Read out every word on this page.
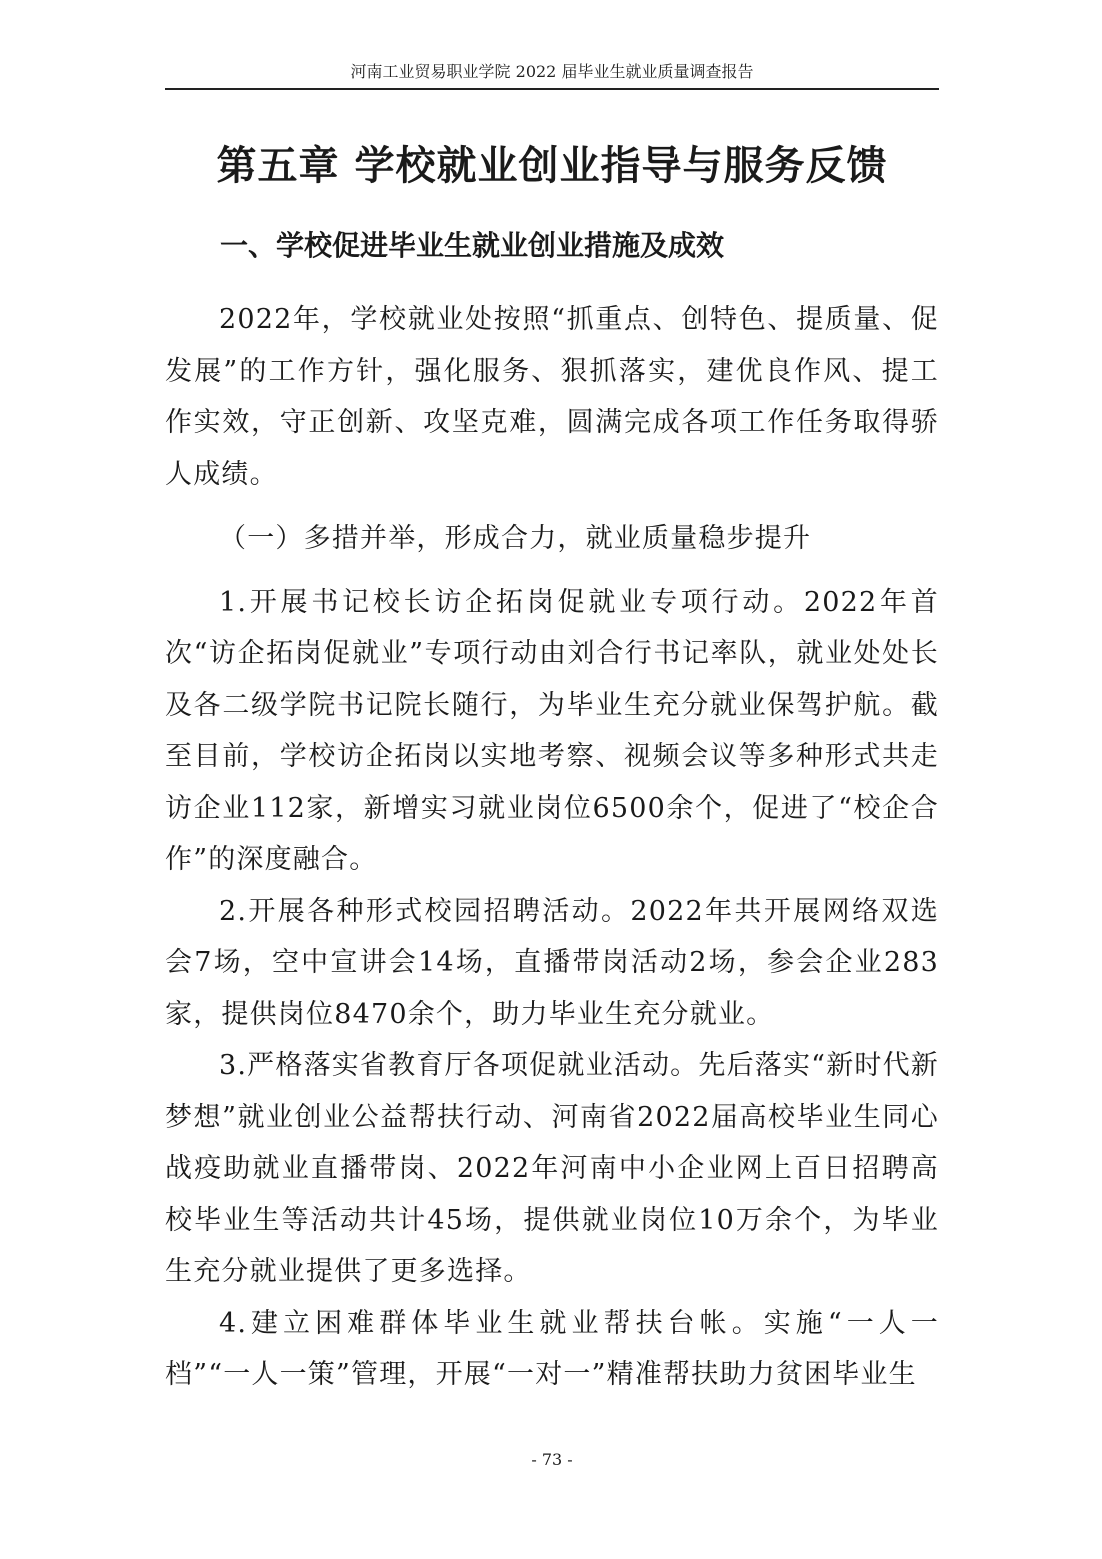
河南工业贸易职业学院 2022 届毕业生就业质量调查报告
第五章 学校就业创业指导与服务反馈
一、学校促进毕业生就业创业措施及成效

2022年，学校就业处按照“抓重点、创特色、提质量、促发展”的工作方针，强化服务、狠抓落实，建优良作风、提工作实效，守正创新、攻坚克难，圆满完成各项工作任务取得骄人成绩。

（一）多措并举，形成合力，就业质量稳步提升

1.开展书记校长访企拓岗促就业专项行动。2022年首次“访企拓岗促就业”专项行动由刘合行书记率队，就业处处长及各二级学院书记院长随行，为毕业生充分就业保驾护航。截至目前，学校访企拓岗以实地考察、视频会议等多种形式共走访企业112家，新增实习就业岗位6500余个，促进了“校企合作”的深度融合。

2.开展各种形式校园招聘活动。2022年共开展网络双选会7场，空中宣讲会14场，直播带岗活动2场，参会企业283家，提供岗位8470余个，助力毕业生充分就业。

3.严格落实省教育厅各项促就业活动。先后落实“新时代新梦想”就业创业公益帮扶行动、河南省2022届高校毕业生同心战疫助就业直播带岗、2022年河南中小企业网上百日招聘高校毕业生等活动共计45场，提供就业岗位10万余个，为毕业生充分就业提供了更多选择。

4.建立困难群体毕业生就业帮扶台帐。实施“一人一档”“一人一策”管理，开展“一对一”精准帮扶助力贫困毕业生

- 73 -
